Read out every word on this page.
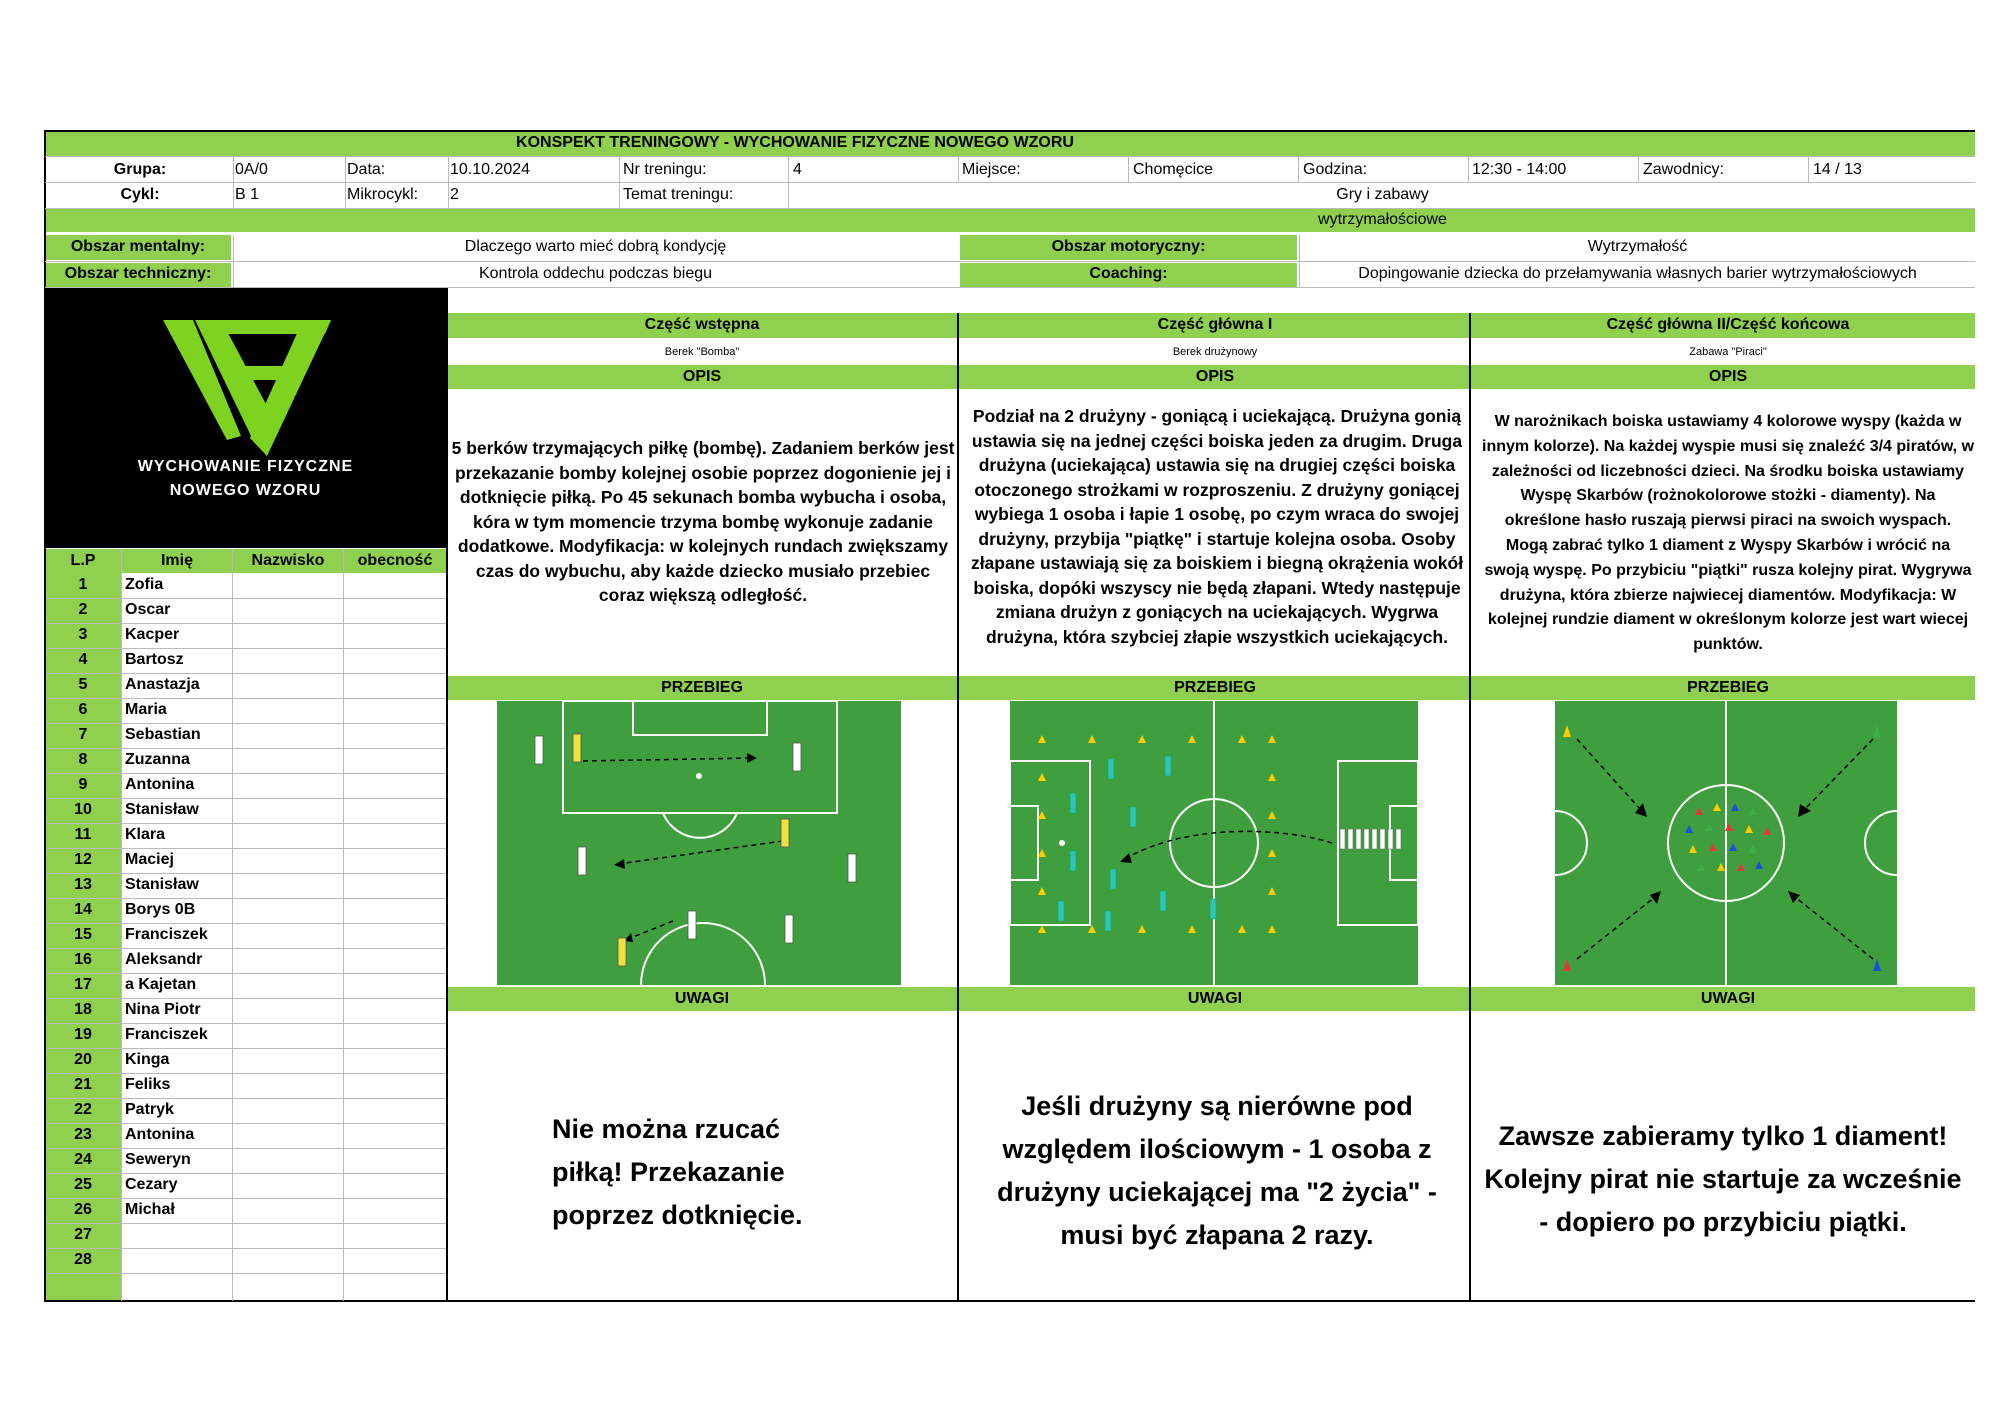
KONSPEKT TRENINGOWY - WYCHOWANIE FIZYCZNE NOWEGO WZORU
Grupa:	0A/0	Data:	10.10.2024	Nr treningu:	4	Miejsce:	Chomęcice	Godzina:	12:30 - 14:00	Zawodnicy:	14 / 13
Cykl:	B 1	Mikrocykl:	2	Temat treningu:	Gry i zabawy
wytrzymałościowe
Obszar mentalny:	Dlaczego warto mieć dobrą kondycję	Obszar motoryczny:	Wytrzymałość
Obszar techniczny:	Kontrola oddechu podczas biegu	Coaching:	Dopingowanie dziecka do przełamywania własnych barier wytrzymałościowych
WYCHOWANIE FIZYCZNE
NOWEGO WZORU
L.P	Imię	Nazwisko	obecność
1	Zofia
2	Oscar
3	Kacper
4	Bartosz
5	Anastazja
6	Maria
7	Sebastian
8	Zuzanna
9	Antonina
10	Stanisław
11	Klara
12	Maciej
13	Stanisław
14	Borys 0B
15	Franciszek
16	Aleksandr
17	a Kajetan
18	Nina Piotr
19	Franciszek
20	Kinga
21	Feliks
22	Patryk
23	Antonina
24	Seweryn
25	Cezary
26	Michał
27
28
Część wstępna	Część główna I	Część główna II/Część końcowa
Berek "Bomba"	Berek drużynowy	Zabawa "Piraci"
OPIS	OPIS	OPIS
5 berków trzymających piłkę (bombę). Zadaniem berków jest przekazanie bomby kolejnej osobie poprzez dogonienie jej i dotknięcie piłką. Po 45 sekunach bomba wybucha i osoba, kóra w tym momencie trzyma bombę wykonuje zadanie dodatkowe. Modyfikacja: w kolejnych rundach zwiększamy czas do wybuchu, aby każde dziecko musiało przebiec coraz większą odległość.
Podział na 2 drużyny - goniącą i uciekającą. Drużyna gonią ustawia się na jednej części boiska jeden za drugim. Druga drużyna (uciekająca) ustawia się na drugiej części boiska otoczonego strożkami w rozproszeniu. Z drużyny goniącej wybiega 1 osoba i łapie 1 osobę, po czym wraca do swojej drużyny, przybija "piątkę" i startuje kolejna osoba. Osoby złapane ustawiają się za boiskiem i biegną okrążenia wokół boiska, dopóki wszyscy nie będą złapani. Wtedy następuje zmiana drużyn z goniących na uciekających. Wygrwa drużyna, która szybciej złapie wszystkich uciekających.
W narożnikach boiska ustawiamy 4 kolorowe wyspy (każda w innym kolorze). Na każdej wyspie musi się znaleźć 3/4 piratów, w zależności od liczebności dzieci. Na środku boiska ustawiamy Wyspę Skarbów (rożnokolorowe stożki - diamenty). Na określone hasło ruszają pierwsi piraci na swoich wyspach. Mogą zabrać tylko 1 diament z Wyspy Skarbów i wrócić na swoją wyspę. Po przybiciu "piątki" rusza kolejny pirat. Wygrywa drużyna, która zbierze najwiecej diamentów. Modyfikacja: W kolejnej rundzie diament w określonym kolorze jest wart wiecej punktów.
PRZEBIEG	PRZEBIEG	PRZEBIEG
UWAGI	UWAGI	UWAGI
Nie można rzucać piłką! Przekazanie poprzez dotknięcie.
Jeśli drużyny są nierówne pod względem ilościowym - 1 osoba z drużyny uciekającej ma "2 życia" - musi być złapana 2 razy.
Zawsze zabieramy tylko 1 diament! Kolejny pirat nie startuje za wcześnie - dopiero po przybiciu piątki.
